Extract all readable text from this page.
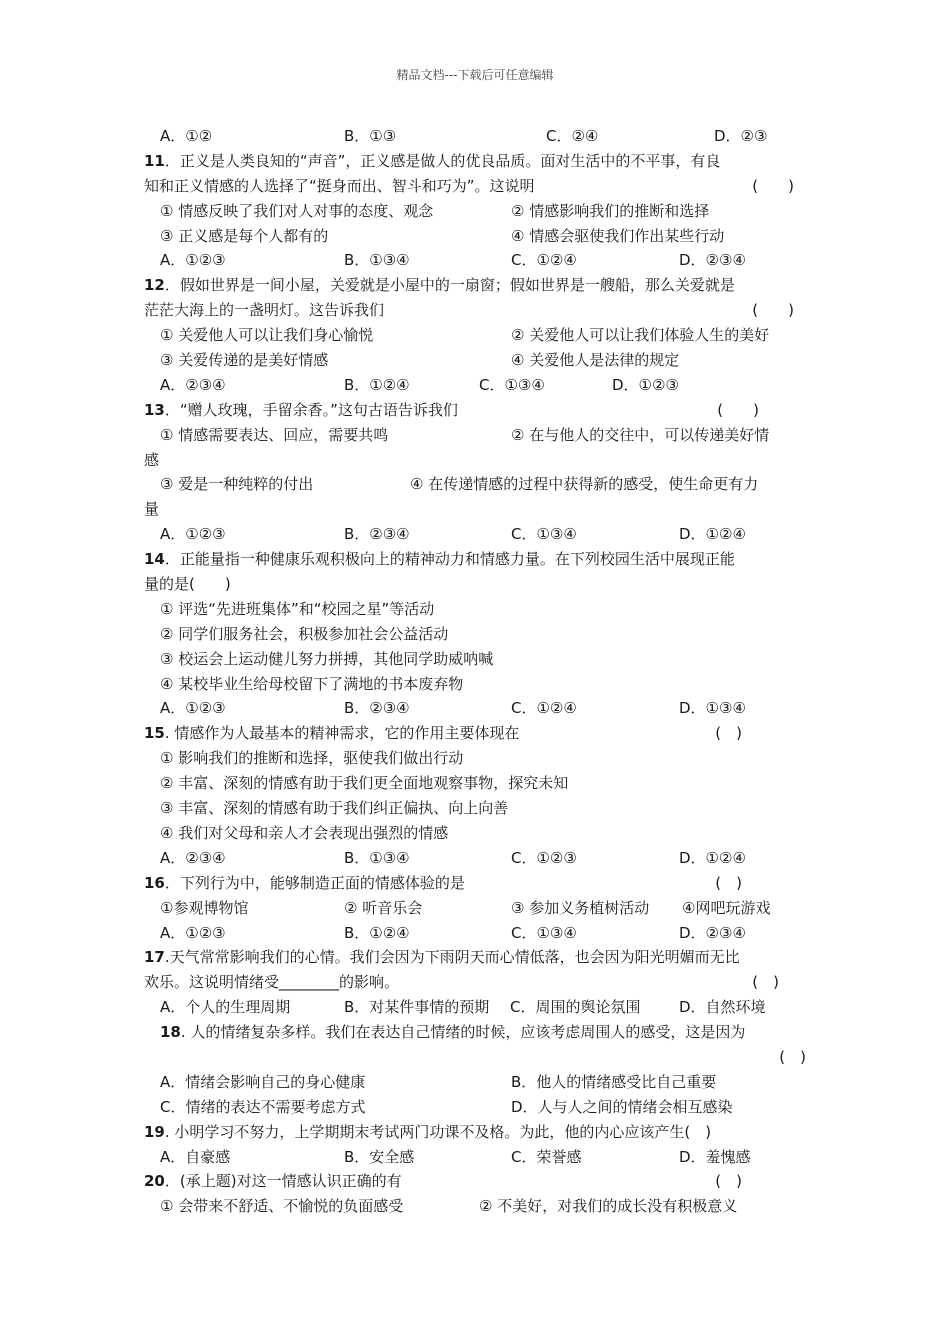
精品文档---下载后可任意编辑
A．①②	B．①③	C．②④	D．②③
11．正义是人类良知的“声音”，正义感是做人的优良品质。面对生活中的不平事，有良
知和正义情感的人选择了“挺身而出、智斗和巧为”。这说明	(　　)
① 情感反映了我们对人对事的态度、观念	② 情感影响我们的推断和选择
③ 正义感是每个人都有的	④ 情感会驱使我们作出某些行动
A．①②③	B．①③④	C．①②④	D．②③④
12．假如世界是一间小屋，关爱就是小屋中的一扇窗；假如世界是一艘船，那么关爱就是
茫茫大海上的一盏明灯。这告诉我们	(　　)
① 关爱他人可以让我们身心愉悦	② 关爱他人可以让我们体验人生的美好
③ 关爱传递的是美好情感	④ 关爱他人是法律的规定
A．②③④	B．①②④	C．①③④	D．①②③
13．“赠人玫瑰，手留余香。”这句古语告诉我们	(　　)
① 情感需要表达、回应，需要共鸣	② 在与他人的交往中，可以传递美好情
感
③ 爱是一种纯粹的付出	④ 在传递情感的过程中获得新的感受，使生命更有力
量
A．①②③	B．②③④	C．①③④	D．①②④
14．正能量指一种健康乐观积极向上的精神动力和情感力量。在下列校园生活中展现正能
量的是(　　)
① 评选“先进班集体”和“校园之星”等活动
② 同学们服务社会，积极参加社会公益活动
③ 校运会上运动健儿努力拼搏，其他同学助威呐喊
④ 某校毕业生给母校留下了满地的书本废弃物
A．①②③	B．②③④	C．①②④	D．①③④
15. 情感作为人最基本的精神需求，它的作用主要体现在	(　)
① 影响我们的推断和选择，驱使我们做出行动
② 丰富、深刻的情感有助于我们更全面地观察事物，探究未知
③ 丰富、深刻的情感有助于我们纠正偏执、向上向善
④ 我们对父母和亲人才会表现出强烈的情感
A．②③④	B．①③④	C．①②③	D．①②④
16．下列行为中，能够制造正面的情感体验的是	(　)
①参观博物馆	② 听音乐会	③ 参加义务植树活动 ④网吧玩游戏
A．①②③	B．①②④	C．①③④	D．②③④
17.天气常常影响我们的心情。我们会因为下雨阴天而心情低落，也会因为阳光明媚而无比
欢乐。这说明情绪受________的影响。	(　)
A．个人的生理周期	B．对某件事情的预期 C．周围的舆论氛围	D．自然环境
18. 人的情绪复杂多样。我们在表达自己情绪的时候，应该考虑周围人的感受，这是因为
(　)
A．情绪会影响自己的身心健康	B．他人的情绪感受比自己重要
C．情绪的表达不需要考虑方式	D．人与人之间的情绪会相互感染
19. 小明学习不努力，上学期期末考试两门功课不及格。为此，他的内心应该产生(　)
A．自豪感	B．安全感	C．荣誉感	D．羞愧感
20．(承上题)对这一情感认识正确的有	(　)
① 会带来不舒适、不愉悦的负面感受	② 不美好，对我们的成长没有积极意义
